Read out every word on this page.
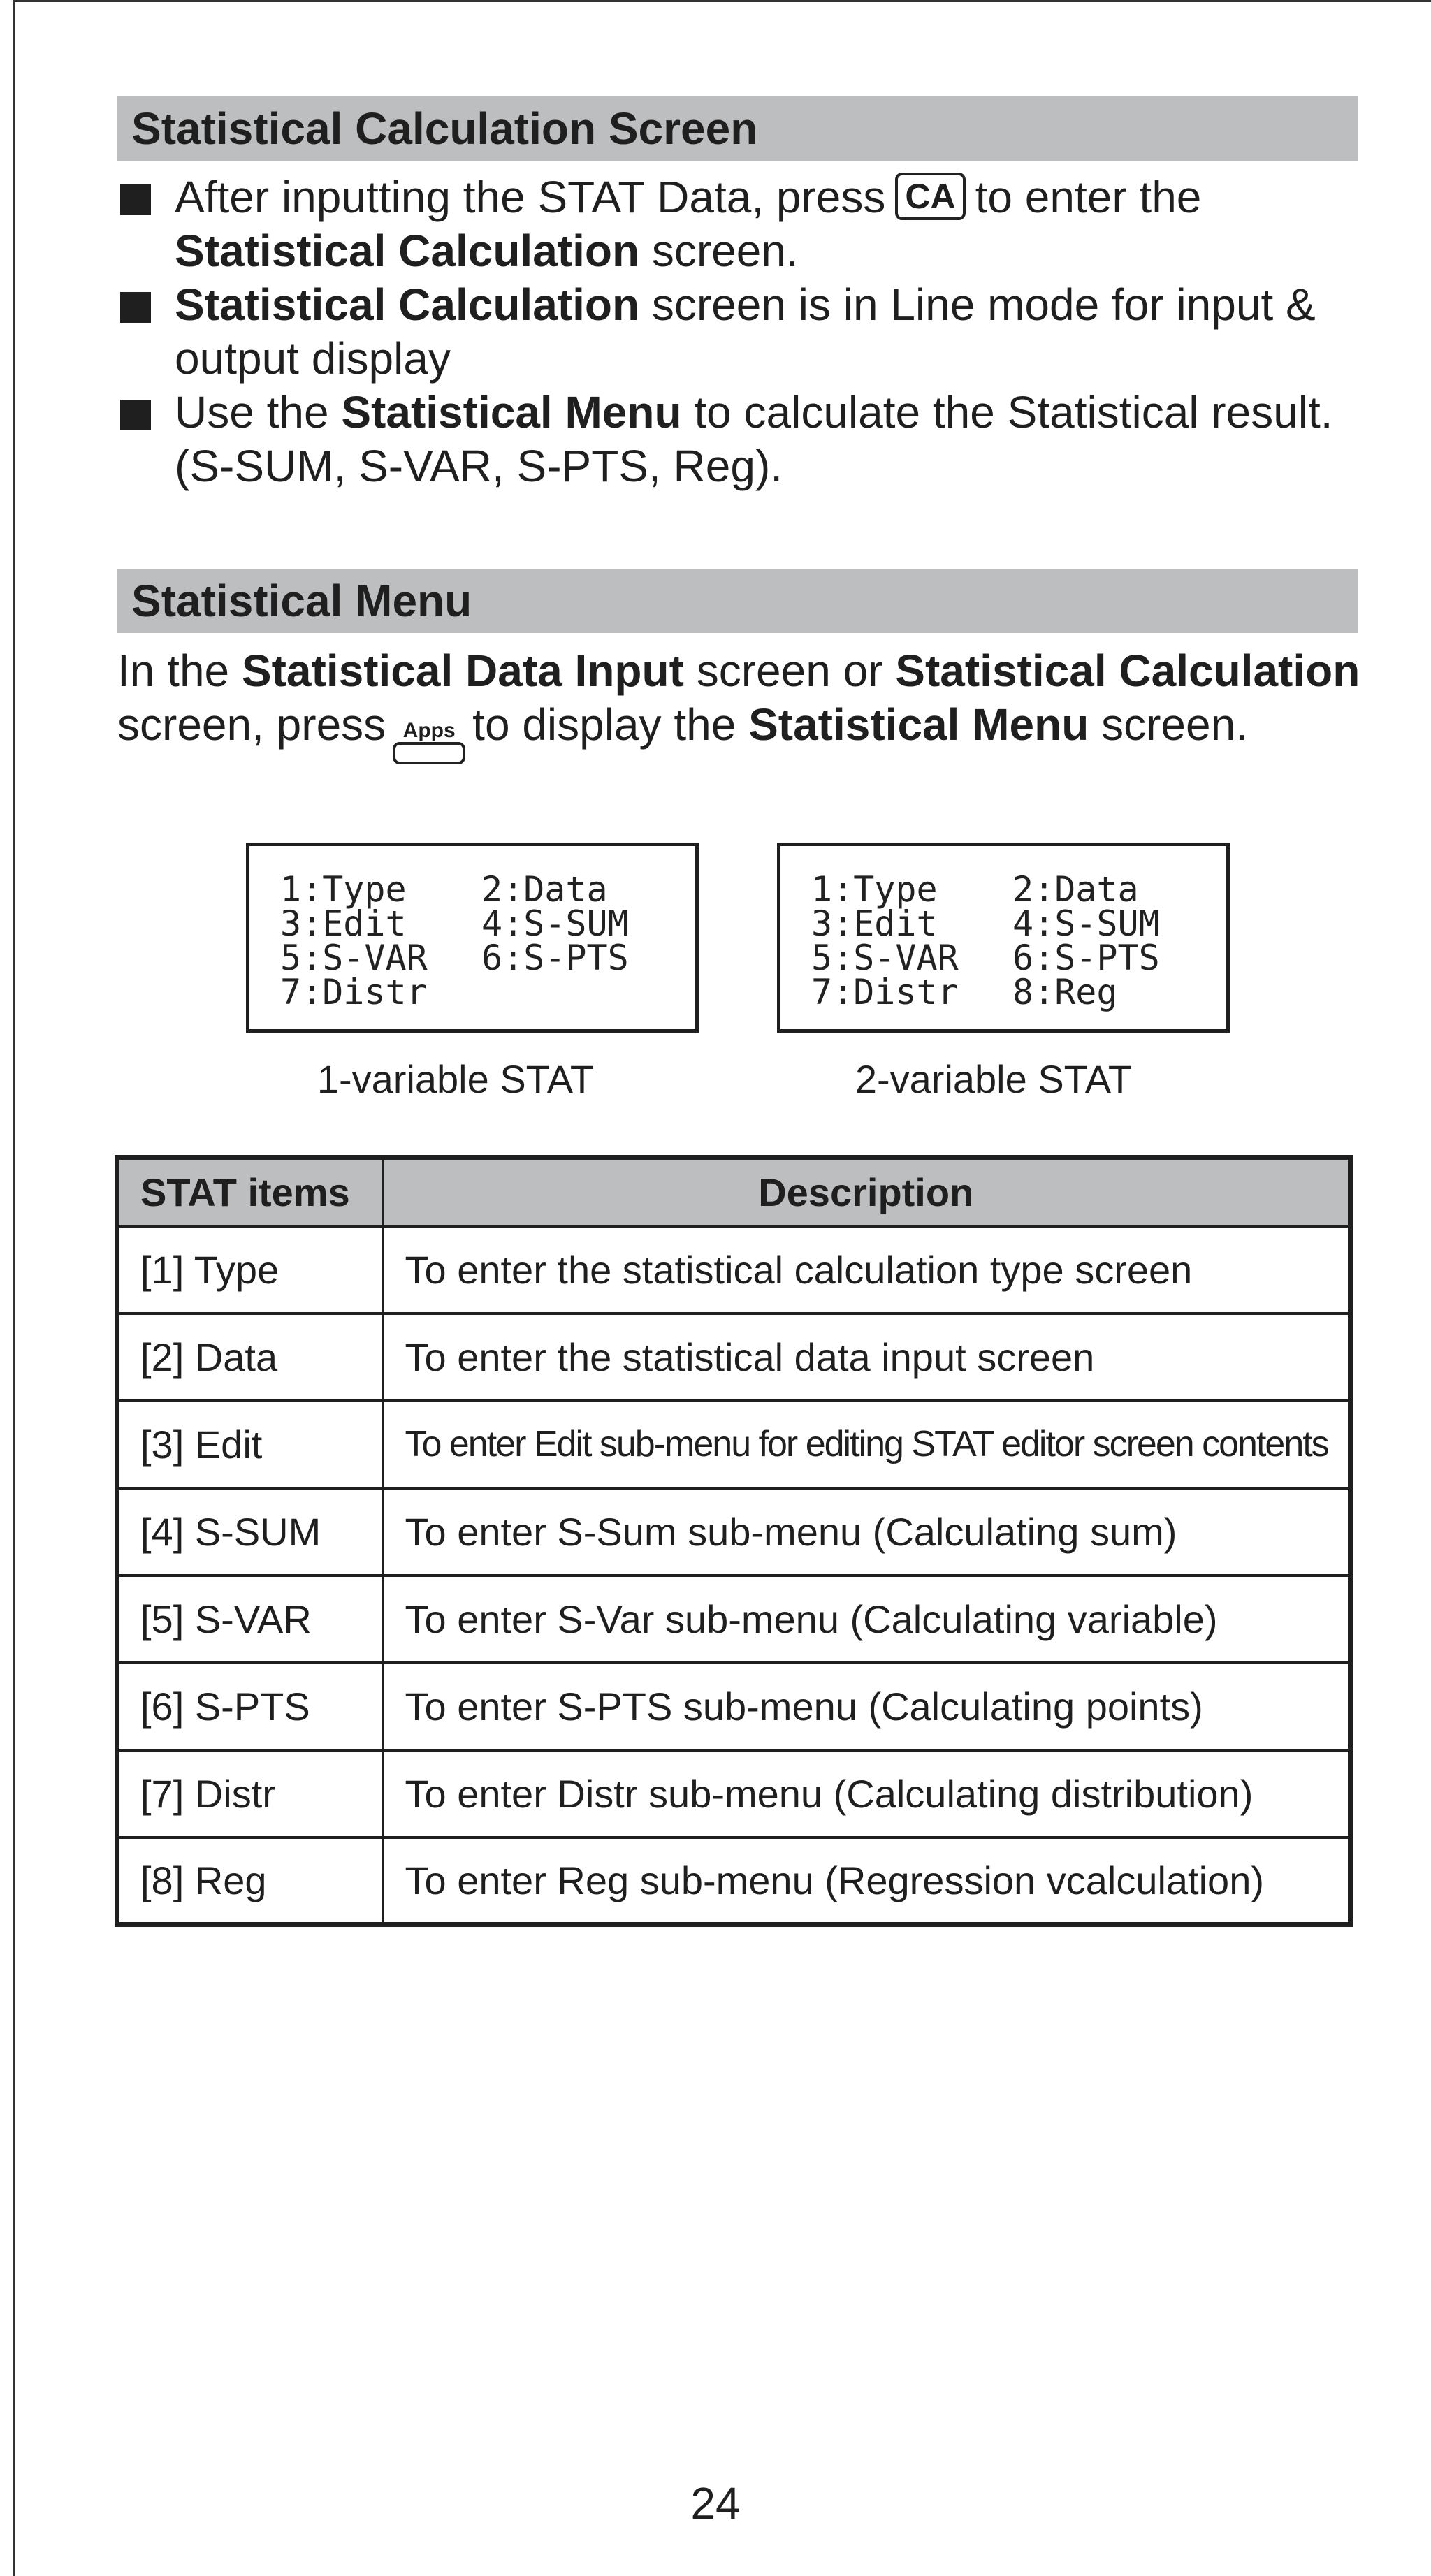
Statistical Calculation Screen
After inputting the STAT Data, press CA to enter the
Statistical Calculation screen.
Statistical Calculation screen is in Line mode for input & output display
Use the Statistical Menu to calculate the Statistical result. (S-SUM, S-VAR, S-PTS, Reg).
Statistical Menu
In the Statistical Data Input screen or Statistical Calculation screen, press Apps to display the Statistical Menu screen.
1:Type	2:Data
3:Edit	4:S-SUM
5:S-VAR	6:S-PTS
7:Distr
1:Type	2:Data
3:Edit	4:S-SUM
5:S-VAR	6:S-PTS
7:Distr	8:Reg
1-variable STAT	2-variable STAT
STAT items	Description
[1] Type	To enter the statistical calculation type screen
[2] Data	To enter the statistical data input screen
[3] Edit	To enter Edit sub-menu for editing STAT editor screen contents
[4] S-SUM	To enter S-Sum sub-menu (Calculating sum)
[5] S-VAR	To enter S-Var sub-menu (Calculating variable)
[6] S-PTS	To enter S-PTS sub-menu (Calculating points)
[7] Distr	To enter Distr sub-menu (Calculating distribution)
[8] Reg	To enter Reg sub-menu (Regression vcalculation)
24
